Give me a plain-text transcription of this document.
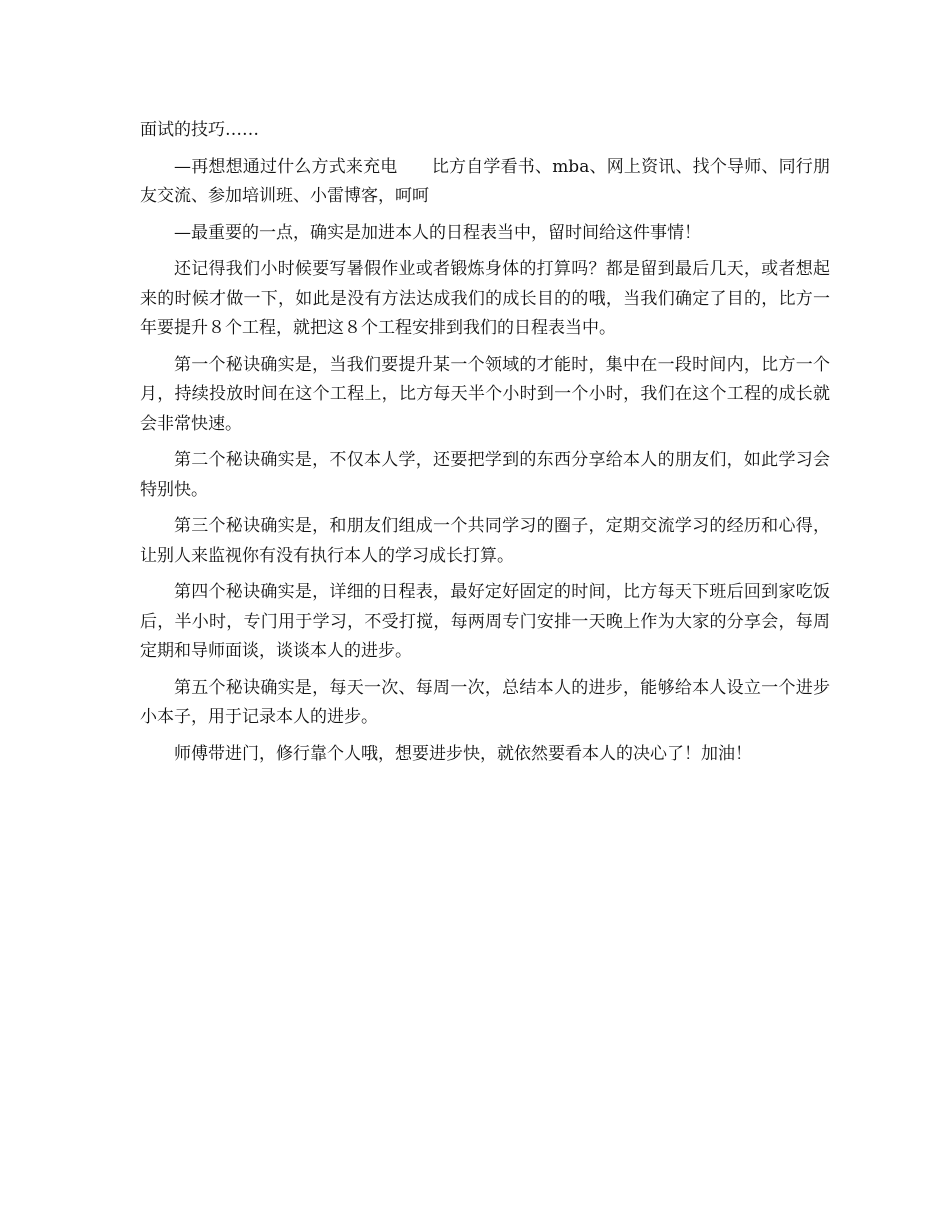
面试的技巧……

—再想想通过什么方式来充电　　比方自学看书、mba、网上资讯、找个导师、同行朋友交流、参加培训班、小雷博客，呵呵

—最重要的一点，确实是加进本人的日程表当中，留时间给这件事情！

还记得我们小时候要写暑假作业或者锻炼身体的打算吗？都是留到最后几天，或者想起来的时候才做一下，如此是没有方法达成我们的成长目的的哦，当我们确定了目的，比方一年要提升８个工程，就把这８个工程安排到我们的日程表当中。

第一个秘诀确实是，当我们要提升某一个领域的才能时，集中在一段时间内，比方一个月，持续投放时间在这个工程上，比方每天半个小时到一个小时，我们在这个工程的成长就会非常快速。

第二个秘诀确实是，不仅本人学，还要把学到的东西分享给本人的朋友们，如此学习会特别快。

第三个秘诀确实是，和朋友们组成一个共同学习的圈子，定期交流学习的经历和心得，让别人来监视你有没有执行本人的学习成长打算。

第四个秘诀确实是，详细的日程表，最好定好固定的时间，比方每天下班后回到家吃饭后，半小时，专门用于学习，不受打搅，每两周专门安排一天晚上作为大家的分享会，每周定期和导师面谈，谈谈本人的进步。

第五个秘诀确实是，每天一次、每周一次，总结本人的进步，能够给本人设立一个进步小本子，用于记录本人的进步。

师傅带进门，修行靠个人哦，想要进步快，就依然要看本人的决心了！加油！
